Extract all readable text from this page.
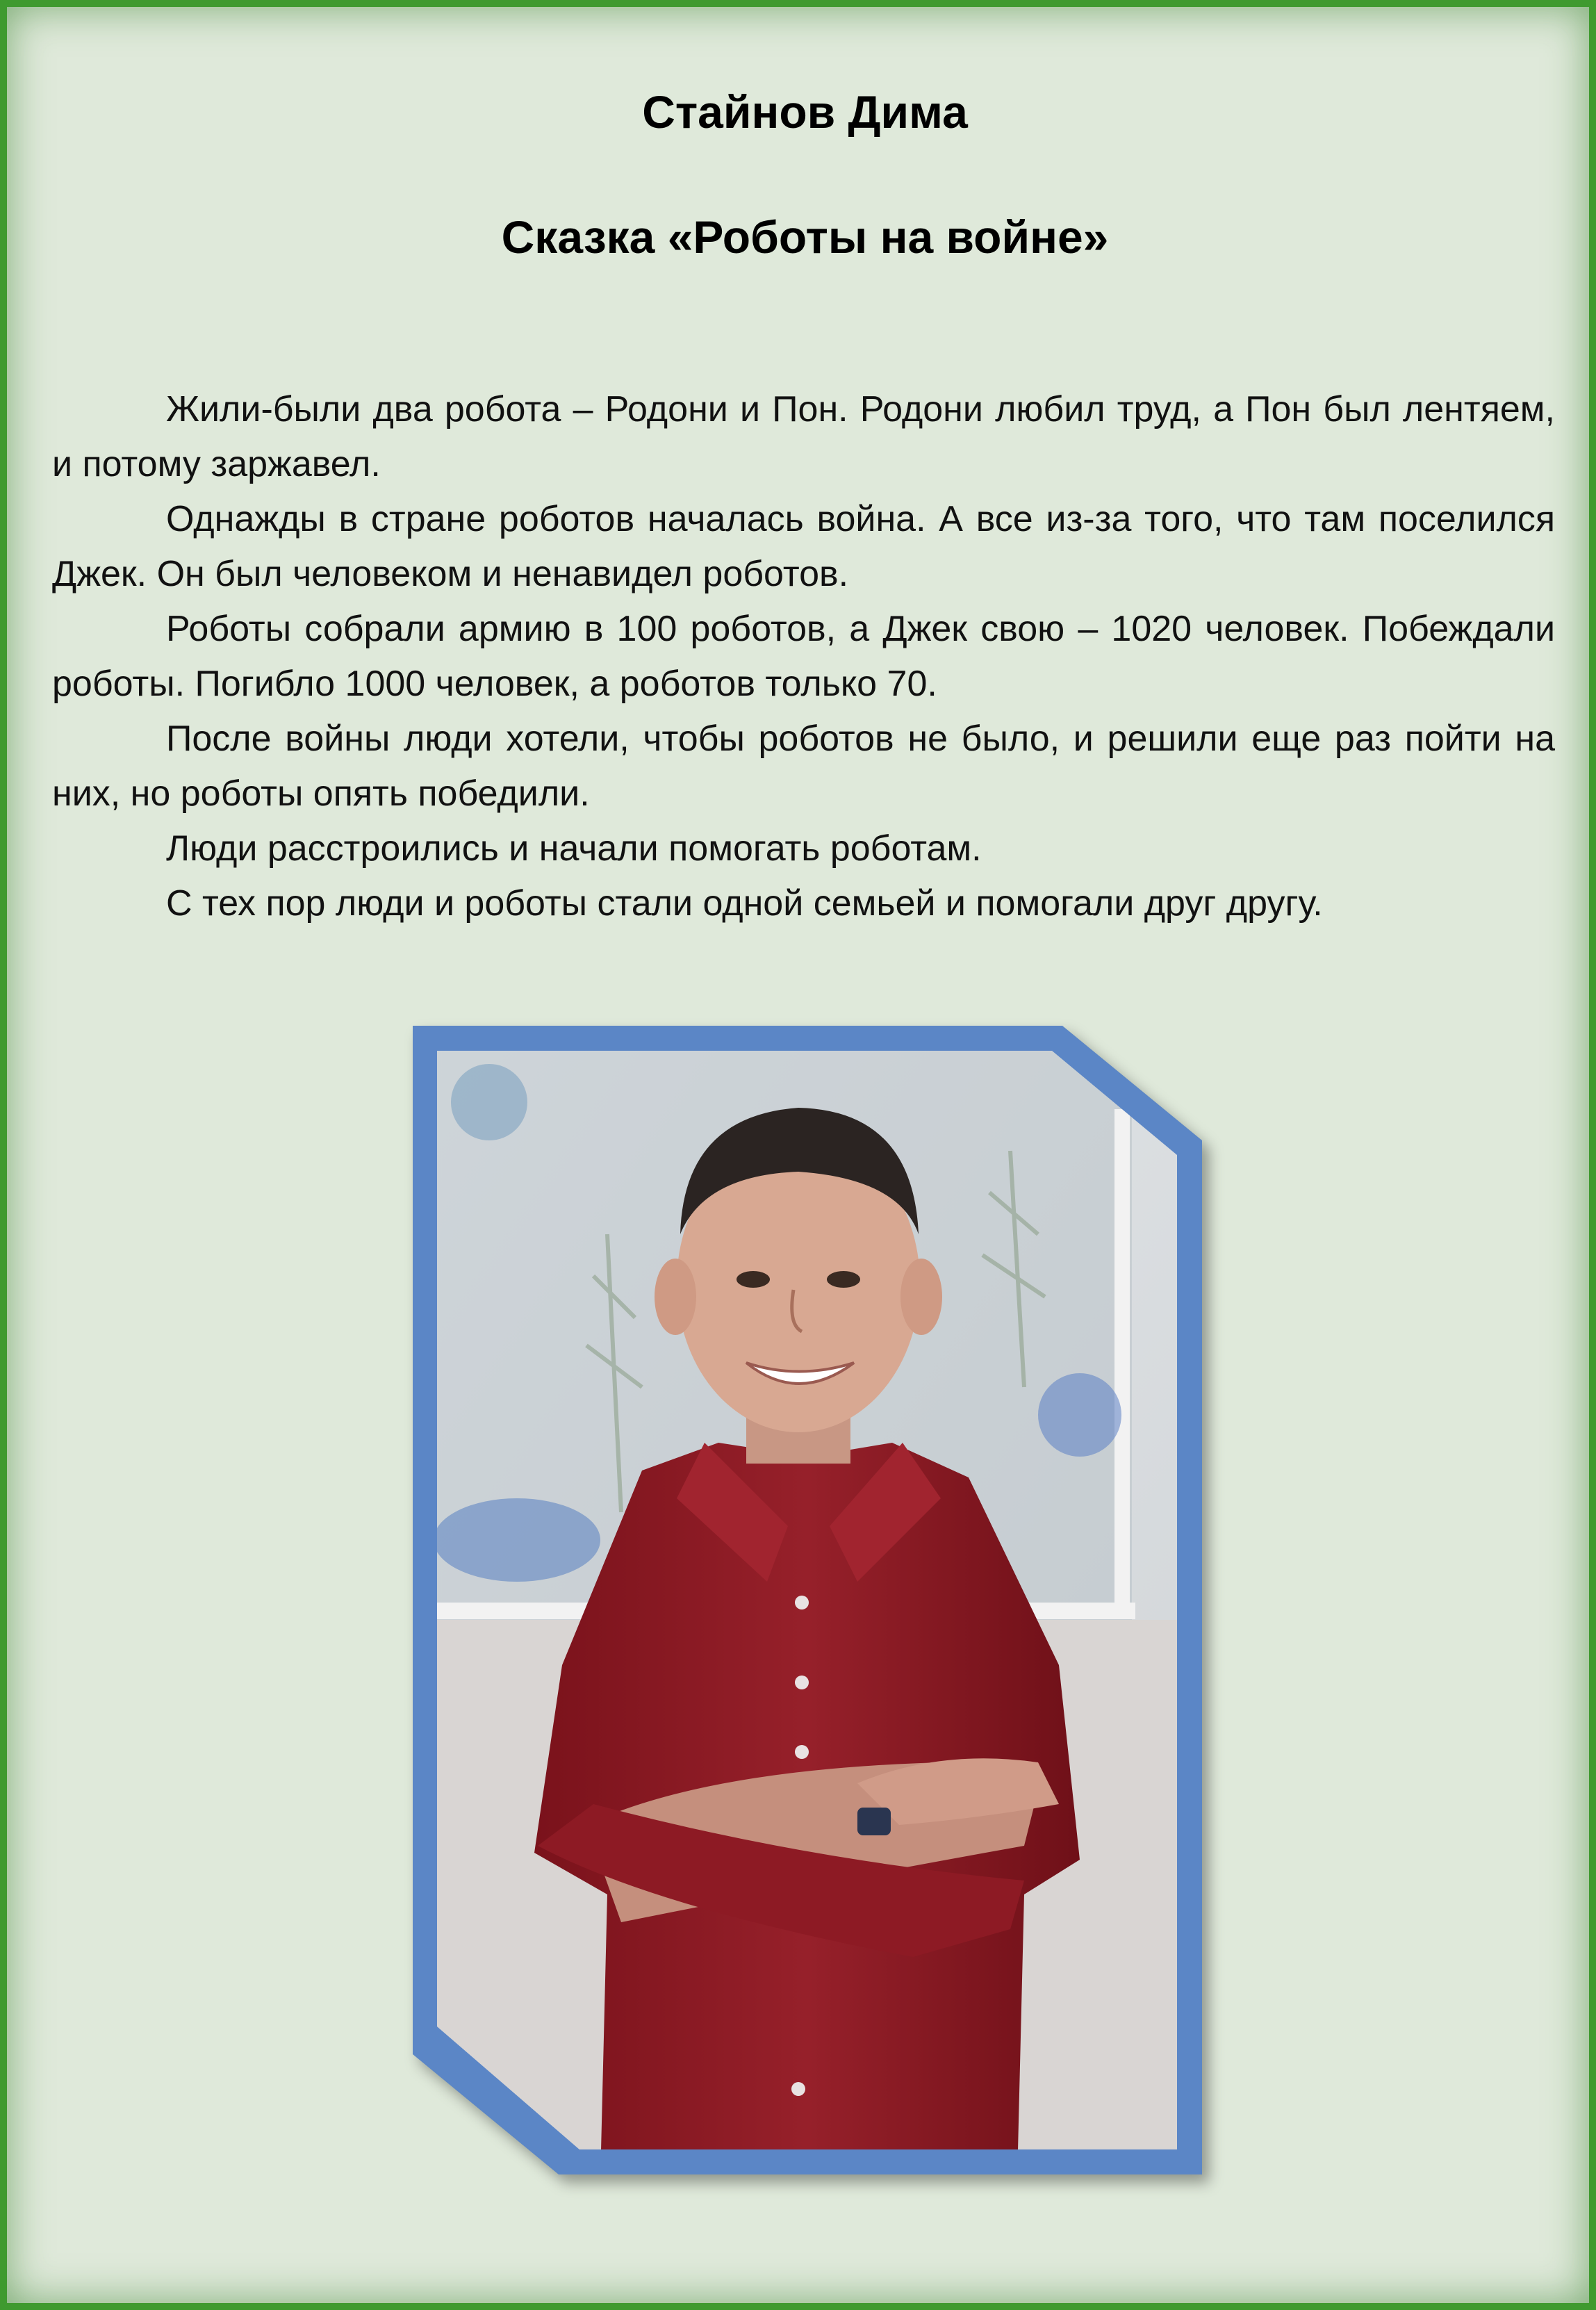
Стайнов Дима
Сказка «Роботы на войне»

Жили-были два робота – Родони и Пон. Родони любил труд, а Пон был лентяем, и потому заржавел.

Однажды в стране роботов началась война. А все из-за того, что там поселился Джек. Он был человеком и ненавидел роботов.

Роботы собрали армию в 100 роботов, а Джек свою – 1020 человек. Побеждали роботы. Погибло 1000 человек, а роботов только 70.

После войны люди хотели, чтобы роботов не было, и решили еще раз пойти на них, но роботы опять победили.

Люди расстроились и начали помогать роботам.

С тех пор люди и роботы стали одной семьей и помогали друг другу.
